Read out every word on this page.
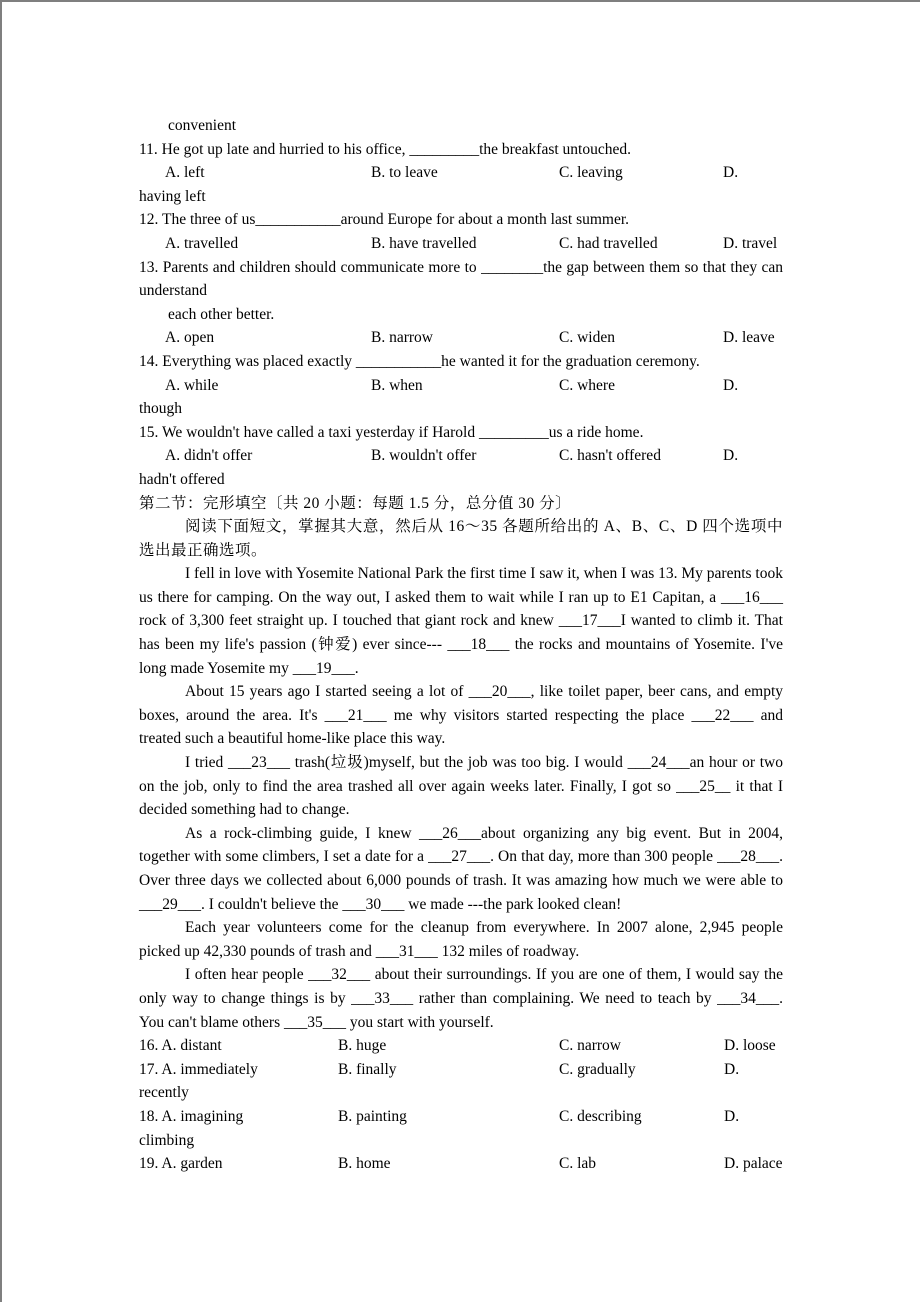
convenient
11. He got up late and hurried to his office, _________the breakfast untouched.
A. left	B. to leave	C. leaving	D.
having left
12. The three of us___________around Europe for about a month last summer.
A. travelled	B. have travelled	C. had travelled	D. travel
13. Parents and children should communicate more to ________the gap between them so that they can understand
each other better.
A. open	B. narrow	C. widen	D. leave
14. Everything was placed exactly ___________he wanted it for the graduation ceremony.
A. while	B. when	C. where	D.
though
15. We wouldn't have called a taxi yesterday if Harold _________us a ride home.
A. didn't offer	B. wouldn't offer	C. hasn't offered	D.
hadn't offered
第二节：完形填空〔共 20 小题：每题 1.5 分，总分值 30 分〕
阅读下面短文，掌握其大意，然后从 16～35 各题所给出的 A、B、C、D 四个选项中选出最正确选项。
I fell in love with Yosemite National Park the first time I saw it, when I was 13. My parents took us there for camping. On the way out, I asked them to wait while I ran up to E1 Capitan, a ___16___ rock of 3,300 feet straight up. I touched that giant rock and knew ___17___I wanted to climb it. That has been my life's passion (钟爱) ever since--- ___18___ the rocks and mountains of Yosemite. I've long made Yosemite my ___19___.
About 15 years ago I started seeing a lot of ___20___, like toilet paper, beer cans, and empty boxes, around the area. It's ___21___ me why visitors started respecting the place ___22___ and treated such a beautiful home-like place this way.
I tried ___23___ trash(垃圾)myself, but the job was too big. I would ___24___an hour or two on the job, only to find the area trashed all over again weeks later. Finally, I got so ___25__ it that I decided something had to change.
As a rock-climbing guide, I knew ___26___about organizing any big event. But in 2004, together with some climbers, I set a date for a ___27___. On that day, more than 300 people ___28___. Over three days we collected about 6,000 pounds of trash. It was amazing how much we were able to ___29___. I couldn't believe the ___30___ we made ---the park looked clean!
Each year volunteers come for the cleanup from everywhere. In 2007 alone, 2,945 people picked up 42,330 pounds of trash and ___31___ 132 miles of roadway.
I often hear people ___32___ about their surroundings. If you are one of them, I would say the only way to change things is by ___33___ rather than complaining. We need to teach by ___34___. You can't blame others ___35___ you start with yourself.
16. A. distant	B. huge	C. narrow	D. loose
17. A. immediately	B. finally	C. gradually	D.
recently
18. A. imagining	B. painting	C. describing	D.
climbing
19. A. garden	B. home	C. lab	D. palace
